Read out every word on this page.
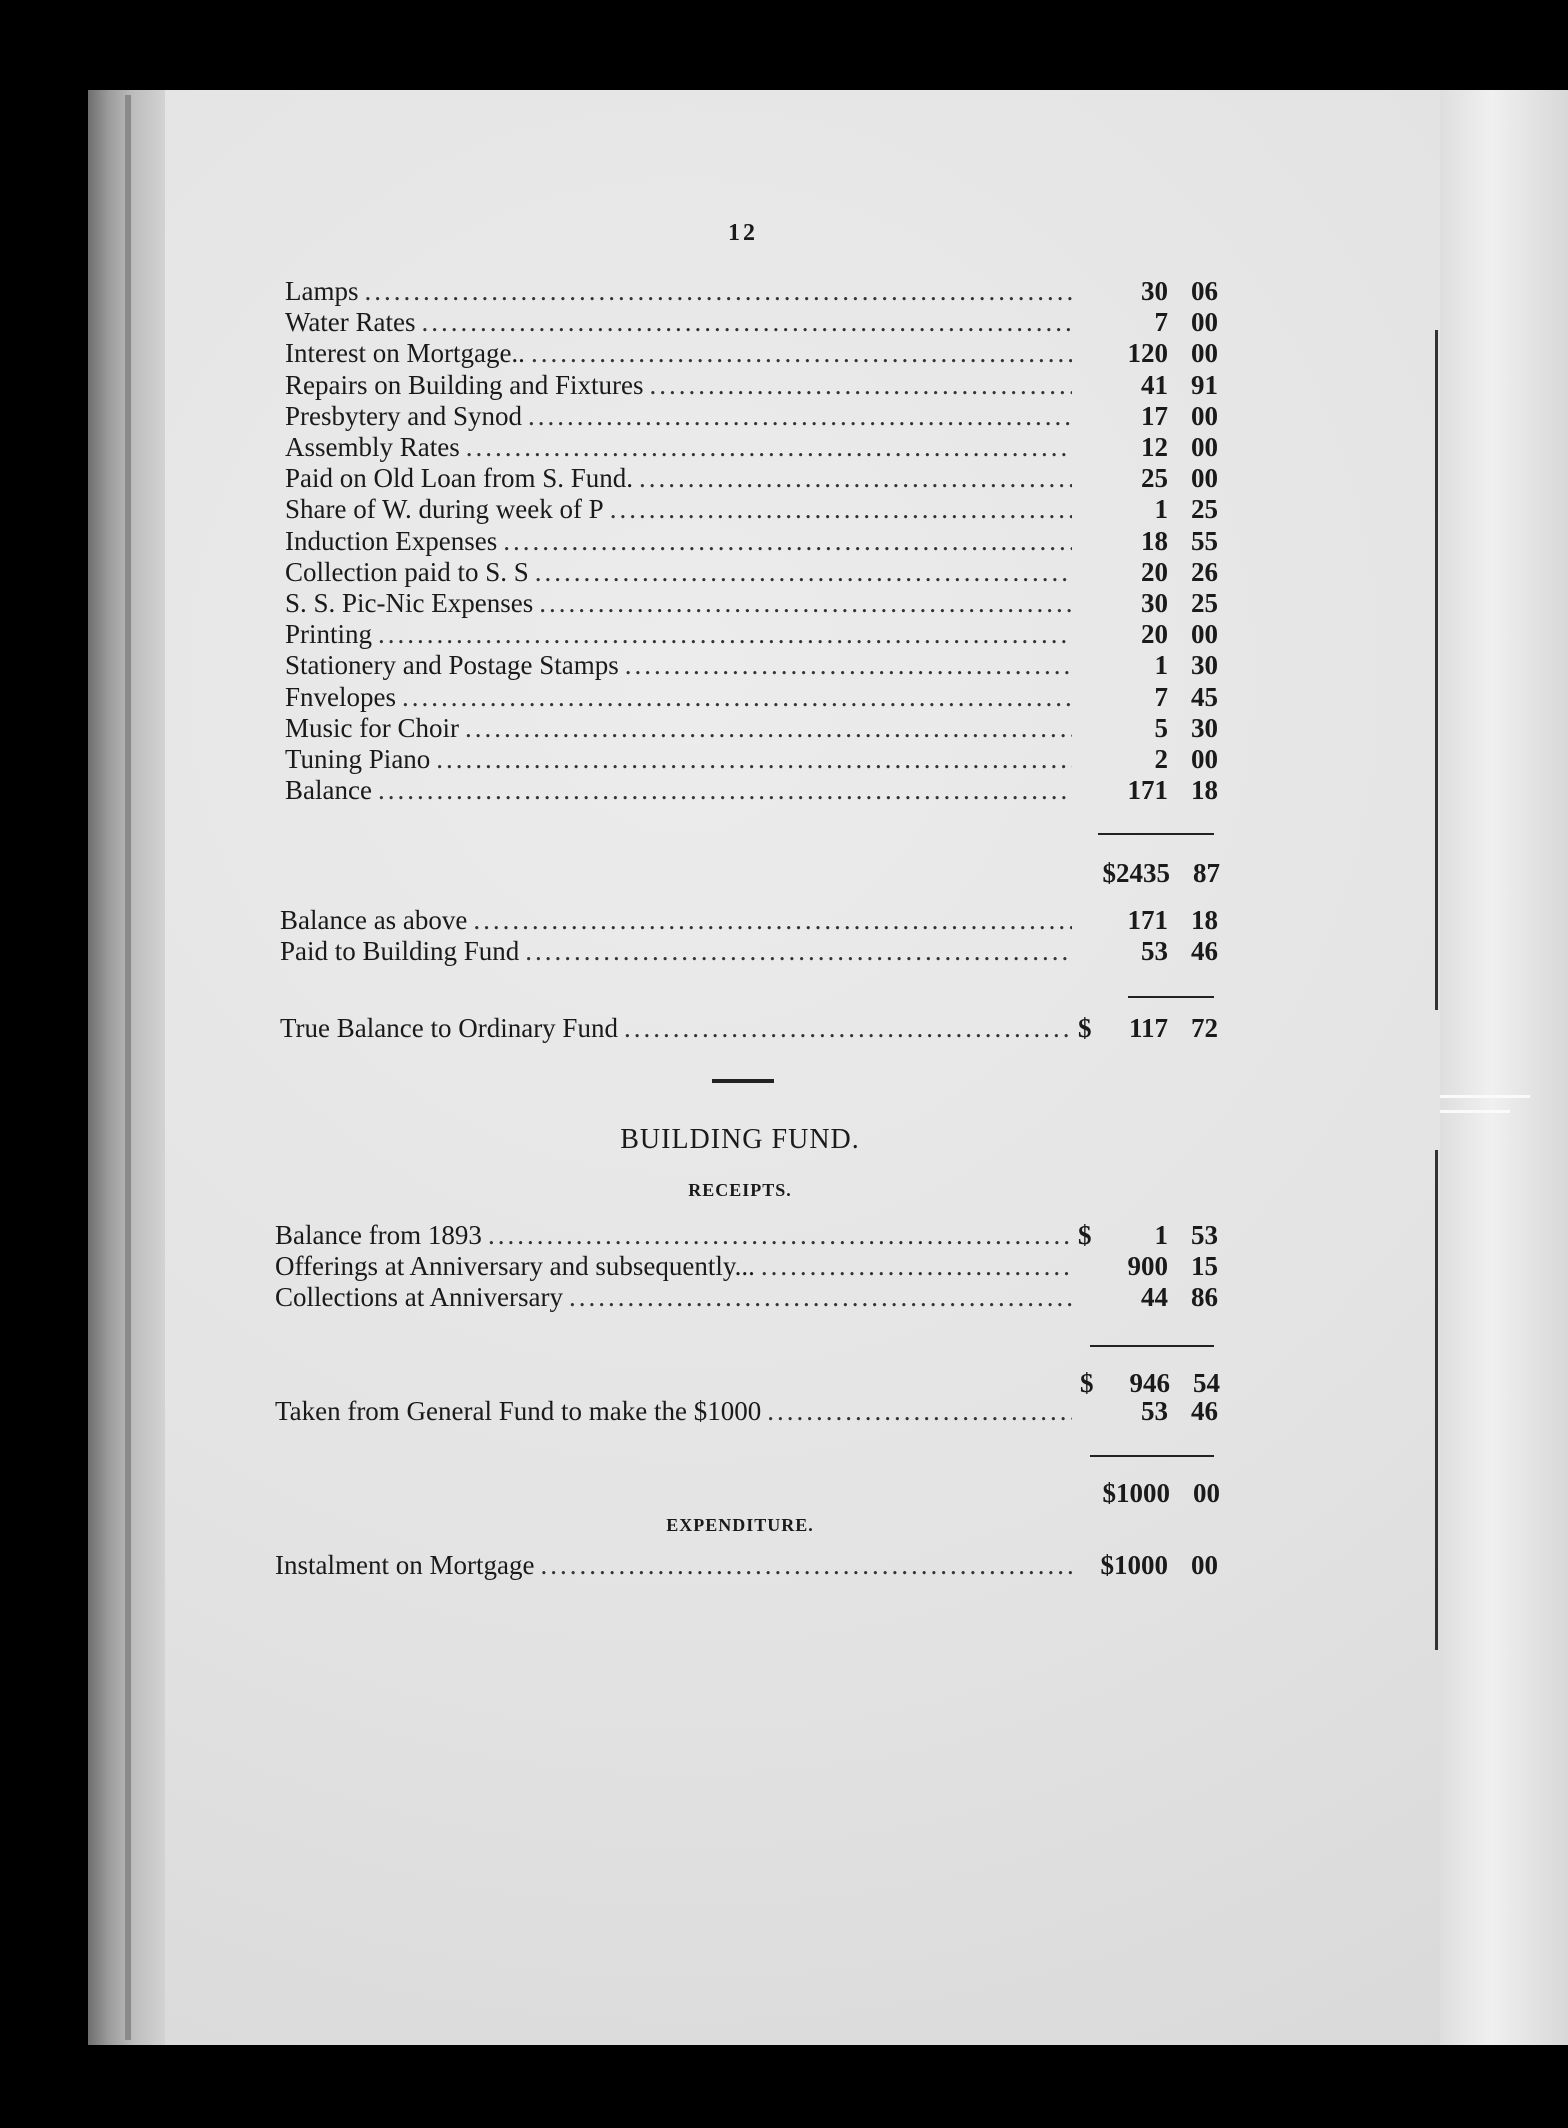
12
Lamps .....	30 06
Water Rates .....	7 00
Interest on Mortgage.. .....	120 00
Repairs on Building and Fixtures .....	41 91
Presbytery and Synod .....	17 00
Assembly Rates .....	12 00
Paid on Old Loan from S. Fund. .....	25 00
Share of W. during week of P .....	1 25
Induction Expenses .....	18 55
Collection paid to S. S .....	20 26
S. S. Pic-Nic Expenses .....	30 25
Printing .....	20 00
Stationery and Postage Stamps .....	1 30
Fnvelopes .....	7 45
Music for Choir .....	5 30
Tuning Piano .....	2 00
Balance .....	171 18
$2435 87
Balance as above .....	171 18
Paid to Building Fund .....	53 46
True Balance to Ordinary Fund .....	$	117 72
BUILDING FUND.
RECEIPTS.
Balance from 1893 .....	$	1 53
Offerings at Anniversary and subsequently... .....	900 15
Collections at Anniversary .....	44 86
$	946 54
Taken from General Fund to make the $1000 .....	53 46
$1000 00
EXPENDITURE.
Instalment on Mortgage .....	$1000 00
